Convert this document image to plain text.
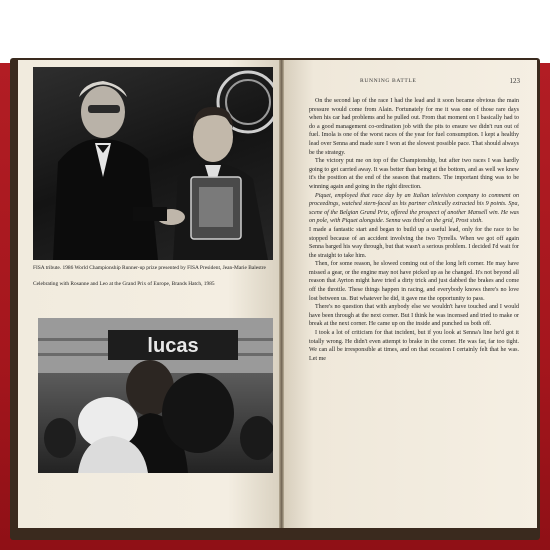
FISA tribute. 1986 World Championship Runner-up prize presented by FISA President, Jean-Marie Balestre
Celebrating with Rosanne and Leo at the Grand Prix of Europe, Brands Hatch, 1985
lucas
RUNNING BATTLE	123

On the second lap of the race I had the lead and it soon became obvious the main pressure would come from Alain. Fortunately for me it was one of those rare days when his car had problems and he pulled out. From that moment on I basically had to do a good management co-ordination job with the pits to ensure we didn't run out of fuel. Imola is one of the worst races of the year for fuel consumption. I kept a healthy lead over Senna and made sure I won at the slowest possible pace. That should always be the strategy.

The victory put me on top of the Championship, but after two races I was hardly going to get carried away. It was better than being at the bottom, and as well we knew it's the position at the end of the season that matters. The important thing was to be winning again and going in the right direction.

Piquet, employed that race day by an Italian television company to comment on proceedings, watched stern-faced as his partner clinically extracted his 9 points. Spa, scene of the Belgian Grand Prix, offered the prospect of another Mansell win. He was on pole, with Piquet alongside. Senna was third on the grid, Prost sixth.

I made a fantastic start and began to build up a useful lead, only for the race to be stopped because of an accident involving the two Tyrrells. When we got off again Senna barged his way through, but that wasn't a serious problem. I decided I'd wait for the straight to take him.

Then, for some reason, he slowed coming out of the long left corner. He may have missed a gear, or the engine may not have picked up as he changed. It's not beyond all reason that Ayrton might have tried a dirty trick and just dabbed the brakes and come off the throttle. These things happen in racing, and everybody knows there's no love lost between us. But whatever he did, it gave me the opportunity to pass.

There's no question that with anybody else we wouldn't have touched and I would have been through at the next corner. But I think he was incensed and tried to make or break at the next corner. He came up on the inside and punched us both off.

I took a lot of criticism for that incident, but if you look at Senna's line he'd got it totally wrong. He didn't even attempt to brake in the corner. He was far, far too tight. We can all be irresponsible at times, and on that occasion I certainly felt that he was. Let me
